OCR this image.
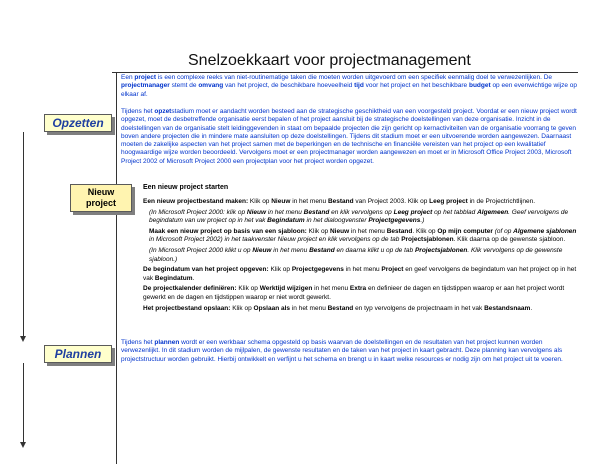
Snelzoekkaart voor projectmanagement
Een project is een complexe reeks van niet-routinematige taken die moeten worden uitgevoerd om een specifiek eenmalig doel te verwezenlijken. De projectmanager stemt de omvang van het project, de beschikbare hoeveelheid tijd voor het project en het beschikbare budget op een evenwichtige wijze op elkaar af.
Tijdens het opzetstadium moet er aandacht worden besteed aan de strategische geschiktheid van een voorgesteld project. Voordat er een nieuw project wordt opgezet, moet de desbetreffende organisatie eerst bepalen of het project aansluit bij de strategische doelstellingen van deze organisatie. Inzicht in de doelstellingen van de organisatie stelt leidinggevenden in staat om bepaalde projecten die zijn gericht op kernactiviteiten van de organisatie voorrang te geven boven andere projecten die in mindere mate aansluiten op deze doelstellingen. Tijdens dit stadium moet er een uitvoerende worden aangewezen. Daarnaast moeten de zakelijke aspecten van het project samen met de beperkingen en de technische en financiële vereisten van het project op een kwalitatief hoogwaardige wijze worden beoordeeld. Vervolgens moet er een projectmanager worden aangewezen en moet er in Microsoft Office Project 2003, Microsoft Project 2002 of Microsoft Project 2000 een projectplan voor het project worden opgezet.
Opzetten
Nieuw
project

Een nieuw project starten

Een nieuw projectbestand maken: Klik op Nieuw in het menu Bestand van Project 2003. Klik op Leeg project in de Projectrichtlijnen.

(In Microsoft Project 2000: klik op Nieuw in het menu Bestand en klik vervolgens op Leeg project op het tabblad Algemeen. Geef vervolgens de begindatum van uw project op in het vak Begindatum in het dialoogvenster Projectgegevens.)

Maak een nieuw project op basis van een sjabloon: Klik op Nieuw in het menu Bestand. Klik op Op mijn computer (of op Algemene sjablonen in Microsoft Project 2002) in het taakvenster Nieuw project en klik vervolgens op de tab Projectsjablonen. Klik daarna op de gewenste sjabloon.

(In Microsoft Project 2000 klikt u op Nieuw in het menu Bestand en daarna klikt u op de tab Projectsjablonen. Klik vervolgens op de gewenste sjabloon.)

De begindatum van het project opgeven: Klik op Projectgegevens in het menu Project en geef vervolgens de begindatum van het project op in het vak Begindatum.

De projectkalender definiëren: Klik op Werktijd wijzigen in het menu Extra en definieer de dagen en tijdstippen waarop er aan het project wordt gewerkt en de dagen en tijdstippen waarop er niet wordt gewerkt.

Het projectbestand opslaan: Klik op Opslaan als in het menu Bestand en typ vervolgens de projectnaam in het vak Bestandsnaam.

Plannen
Tijdens het plannen wordt er een werkbaar schema opgesteld op basis waarvan de doelstellingen en de resultaten van het project kunnen worden verwezenlijkt. In dit stadium worden de mijlpalen, de gewenste resultaten en de taken van het project in kaart gebracht. Deze planning kan vervolgens als projectstructuur worden gebruikt. Hierbij ontwikkelt en verfijnt u het schema en brengt u in kaart welke resources er nodig zijn om het project uit te voeren.
